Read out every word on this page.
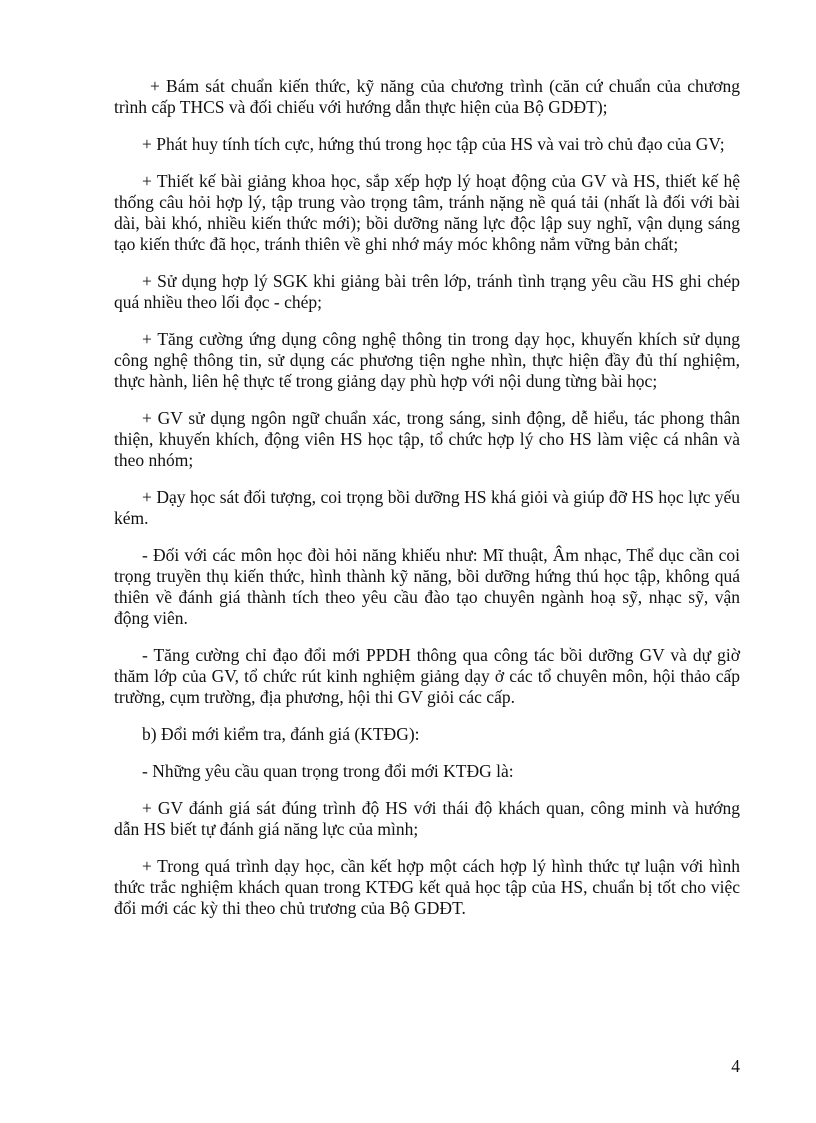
+ Bám sát chuẩn kiến thức, kỹ năng của chương trình (căn cứ chuẩn của chương trình cấp THCS và đối chiếu với hướng dẫn thực hiện của Bộ GDĐT);

+ Phát huy tính tích cực, hứng thú trong học tập của HS và vai trò chủ đạo của GV;

+ Thiết kế bài giảng khoa học, sắp xếp hợp lý hoạt động của GV và HS, thiết kế hệ thống câu hỏi hợp lý, tập trung vào trọng tâm, tránh nặng nề quá tải (nhất là đối với bài dài, bài khó, nhiều kiến thức mới); bồi dưỡng năng lực độc lập suy nghĩ, vận dụng sáng tạo kiến thức đã học, tránh thiên về ghi nhớ máy móc không nắm vững bản chất;

+ Sử dụng hợp lý SGK khi giảng bài trên lớp, tránh tình trạng yêu cầu HS ghi chép quá nhiều theo lối đọc - chép;

+ Tăng cường ứng dụng công nghệ thông tin trong dạy học, khuyến khích sử dụng công nghệ thông tin, sử dụng các phương tiện nghe nhìn, thực hiện đầy đủ thí nghiệm, thực hành, liên hệ thực tế trong giảng dạy phù hợp với nội dung từng bài học;

+ GV sử dụng ngôn ngữ chuẩn xác, trong sáng, sinh động, dễ hiểu, tác phong thân thiện, khuyến khích, động viên HS học tập, tổ chức hợp lý cho HS làm việc cá nhân và theo nhóm;

+ Dạy học sát đối tượng, coi trọng bồi dưỡng HS khá giỏi và giúp đỡ HS học lực yếu kém.

- Đối với các môn học đòi hỏi năng khiếu như: Mĩ thuật, Âm nhạc, Thể dục cần coi trọng truyền thụ kiến thức, hình thành kỹ năng, bồi dưỡng hứng thú học tập, không quá thiên về đánh giá thành tích theo yêu cầu đào tạo chuyên ngành hoạ sỹ, nhạc sỹ, vận động viên.

- Tăng cường chỉ đạo đổi mới PPDH thông qua công tác bồi dưỡng GV và dự giờ thăm lớp của GV, tổ chức rút kinh nghiệm giảng dạy ở các tổ chuyên môn, hội thảo cấp trường, cụm trường, địa phương, hội thi GV giỏi các cấp.

b) Đổi mới kiểm tra, đánh giá (KTĐG):

- Những yêu cầu quan trọng trong đổi mới KTĐG là:

+ GV đánh giá sát đúng trình độ HS với thái độ khách quan, công minh và hướng dẫn HS biết tự đánh giá năng lực của mình;

+ Trong quá trình dạy học, cần kết hợp một cách hợp lý hình thức tự luận với hình thức trắc nghiệm khách quan trong KTĐG kết quả học tập của HS, chuẩn bị tốt cho việc đổi mới các kỳ thi theo chủ trương của Bộ GDĐT.

4
